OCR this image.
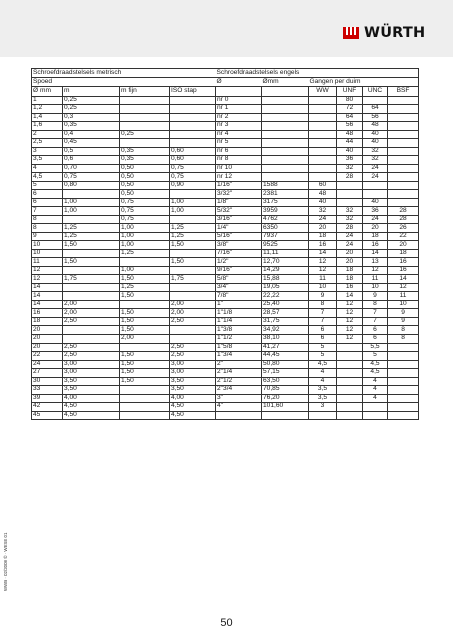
WÜRTH
Schroefdraadstelsels metrisch				Schroefdraadstelsels engels					
Spoed				Ø	Ømm	Gangen per duim			
Ø mm	m	m fijn	ISO stap			WW	UNF	UNC	BSF
1	0,25			nr 0			80		
1,2	0,25			nr 1			72	64	
1,4	0,3			nr 2			64	56	
1,6	0,35			nr 3			56	48	
2	0,4	0,25		nr 4			48	40	
2,5	0,45			nr 5			44	40	
3	0,5	0,35	0,60	nr 6			40	32	
3,5	0,6	0,35	0,60	nr 8			36	32	
4	0,70	0,50	0,75	nr 10			32	24	
4,5	0,75	0,50	0,75	nr 12			28	24	
5	0,80	0,50	0,90	1/16"	1588	60			
6		0,50		3/32"	2381	48			
6	1,00	0,75	1,00	1/8"	3175	40		40	
7	1,00	0,75	1,00	5/32"	3959	32	32	36	28
8		0,75		3/16"	4762	24	32	24	28
8	1,25	1,00	1,25	1/4"	6350	20	28	20	26
9	1,25	1,00	1,25	5/16"	7937	18	24	18	22
10	1,50	1,00	1,50	3/8"	9525	16	24	16	20
10		1,25		7/16"	11,11	14	20	14	18
11	1,50		1,50	1/2"	12,70	12	20	13	16
12		1,00		9/16"	14,29	12	18	12	16
12	1,75	1,50	1,75	5/8"	15,88	11	18	11	14
14		1,25		3/4"	19,05	10	16	10	12
14		1,50		7/8"	22,22	9	14	9	11
14	2,00		2,00	1"	25,40	8	12	8	10
16	2,00	1,50	2,00	1"1/8	28,57	7	12	7	9
18	2,50	1,50	2,50	1"1/4	31,75	7	12	7	9
20		1,50		1"3/8	34,92	6	12	6	8
20		2,00		1"1/2	38,10	6	12	6	8
20	2,50		2,50	1"5/8	41,27	5		5,5	
22	2,50	1,50	2,50	1"3/4	44,45	5		5	
24	3,00	1,50	3,00	2"	50,80	4,5		4,5	
27	3,00	1,50	3,00	2"1/4	57,15	4		4,5	
30	3,50	1,50	3,50	2"1/2	63,50	4		4	
33	3,50		3,50	2"3/4	70,85	3,5		4	
39	4,00		4,00	3"	76,20	3,5		4	
42	4,50		4,50	4"	101,60	3			
45	4,50		4,50						
50
WWB · 02/2008 © · WESE 01
